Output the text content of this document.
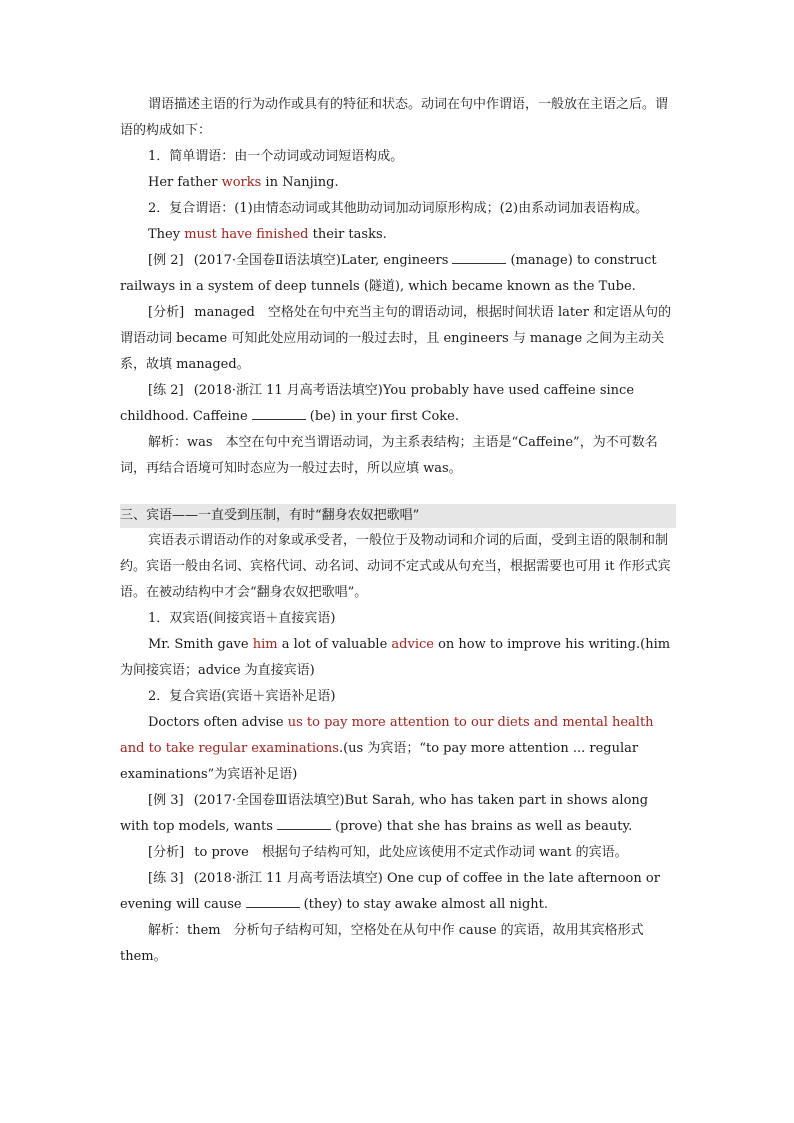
谓语描述主语的行为动作或具有的特征和状态。动词在句中作谓语，一般放在主语之后。谓语的构成如下：

1．简单谓语：由一个动词或动词短语构成。

Her father works in Nanjing.

2．复合谓语：(1)由情态动词或其他助动词加动词原形构成；(2)由系动词加表语构成。

They must have finished their tasks.

[例 2] (2017·全国卷Ⅱ语法填空)Later, engineers	(manage) to construct railways in a system of deep tunnels (隧道), which became known as the Tube.

[分析] managed　空格处在句中充当主句的谓语动词，根据时间状语 later 和定语从句的谓语动词 became 可知此处应用动词的一般过去时，且 engineers 与 manage 之间为主动关系，故填 managed。

[练 2] (2018·浙江 11 月高考语法填空)You probably have used caffeine since childhood. Caffeine	(be) in your first Coke.

解析：was　本空在句中充当谓语动词，为主系表结构；主语是“Caffeine”，为不可数名词，再结合语境可知时态应为一般过去时，所以应填 was。

三、宾语——一直受到压制，有时“翻身农奴把歌唱”

宾语表示谓语动作的对象或承受者，一般位于及物动词和介词的后面，受到主语的限制和制约。宾语一般由名词、宾格代词、动名词、动词不定式或从句充当，根据需要也可用 it 作形式宾语。在被动结构中才会“翻身农奴把歌唱”。

1．双宾语(间接宾语＋直接宾语)

Mr. Smith gave him a lot of valuable advice on how to improve his writing.(him 为间接宾语；advice 为直接宾语)

2．复合宾语(宾语＋宾语补足语)

Doctors often advise us to pay more attention to our diets and mental health and to take regular examinations.(us 为宾语；“to pay more attention ... regular examinations”为宾语补足语)

[例 3] (2017·全国卷Ⅲ语法填空)But Sarah, who has taken part in shows along with top models, wants	(prove) that she has brains as well as beauty.

[分析] to prove　根据句子结构可知，此处应该使用不定式作动词 want 的宾语。

[练 3] (2018·浙江 11 月高考语法填空) One cup of coffee in the late afternoon or evening will cause	(they) to stay awake almost all night.

解析：them　分析句子结构可知，空格处在从句中作 cause 的宾语，故用其宾格形式 them。
